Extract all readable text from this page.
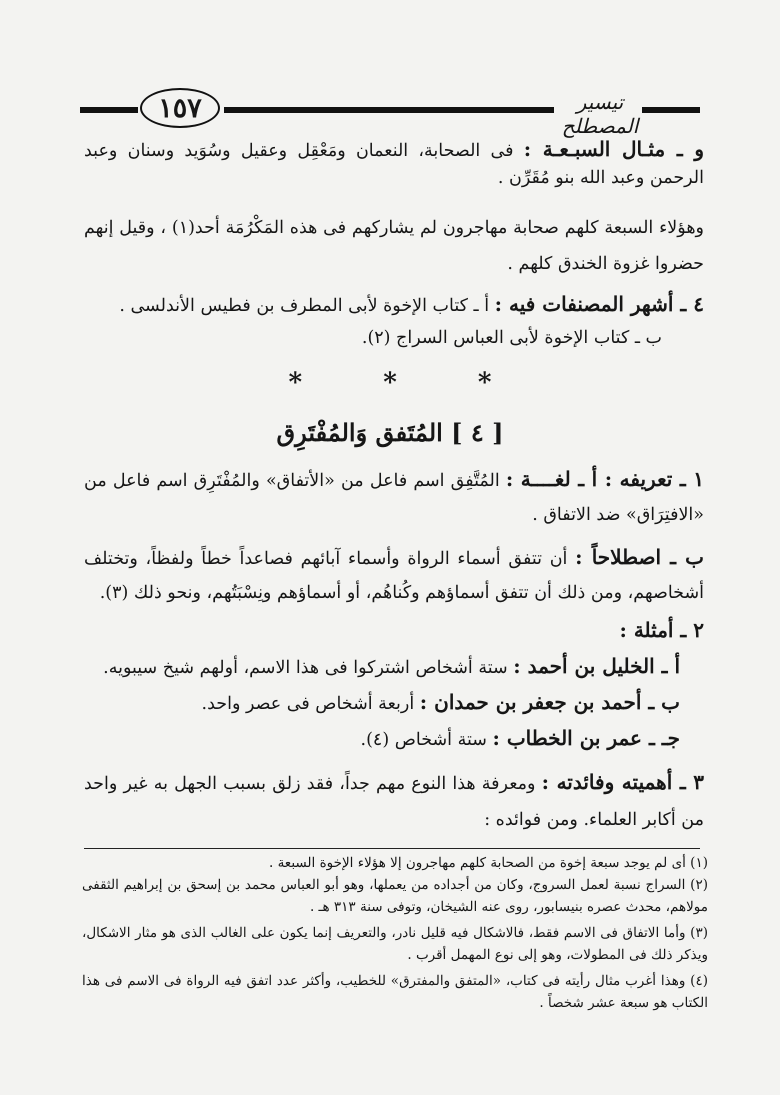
١٥٧	تيسير المصطلح
و ـ مثـال السبـعـة : فى الصحابة، النعمان ومَعْقِل وعقيل وسُوَيد وسنان وعبد الرحمن وعبد الله بنو مُقَرِّن .
وهؤلاء السبعة كلهم صحابة مهاجرون لم يشاركهم فى هذه المَكْرُمَة أحد(١) ، وقيل إنهم حضروا غزوة الخندق كلهم .
٤ ـ أشهر المصنفات فيه : أ ـ كتاب الإخوة لأبى المطرف بن فطيس الأندلسى .
ب ـ كتاب الإخوة لأبى العباس السراج (٢).
* * *
[ ٤ ] المُتَفق وَالمُفْتَرِق
١ ـ تعريفه : أ ـ لغــــة : المُتَّفِق اسم فاعل من «الأتفاق» والمُفْتَرِق اسم فاعل من «الافتِرَاق» ضد الاتفاق .
ب ـ اصطلاحاً : أن تتفق أسماء الرواة وأسماء آبائهم فصاعداً خطاً ولفظاً، وتختلف أشخاصهم، ومن ذلك أن تتفق أسماؤهم وكُناهُم، أو أسماؤهم ونِسْبَتُهم، ونحو ذلك (٣).
٢ ـ أمثلة :
أ ـ الخليل بن أحمد : ستة أشخاص اشتركوا فى هذا الاسم، أولهم شيخ سيبويه.
ب ـ أحمد بن جعفر بن حمدان : أربعة أشخاص فى عصر واحد.
جـ ـ عمر بن الخطاب : ستة أشخاص (٤).
٣ ـ أهميته وفائدته : ومعرفة هذا النوع مهم جداً، فقد زلق بسبب الجهل به غير واحد من أكابر العلماء. ومن فوائده :
(١) أى لم يوجد سبعة إخوة من الصحابة كلهم مهاجرون إلا هؤلاء الإخوة السبعة .
(٢) السراج نسبة لعمل السروج، وكان من أجداده من يعملها، وهو أبو العباس محمد بن إسحق بن إبراهيم الثقفى مولاهم، محدث عصره بنيسابور، روى عنه الشيخان، وتوفى سنة ٣١٣ هـ .
(٣) وأما الاتفاق فى الاسم فقط، فالاشكال فيه قليل نادر، والتعريف إنما يكون على الغالب الذى هو مثار الاشكال، ويذكر ذلك فى المطولات، وهو إلى نوع المهمل أقرب .
(٤) وهذا أغرب مثال رأيته فى كتاب، «المتفق والمفترق» للخطيب، وأكثر عدد اتفق فيه الرواة فى الاسم فى هذا الكتاب هو سبعة عشر شخصاً .
